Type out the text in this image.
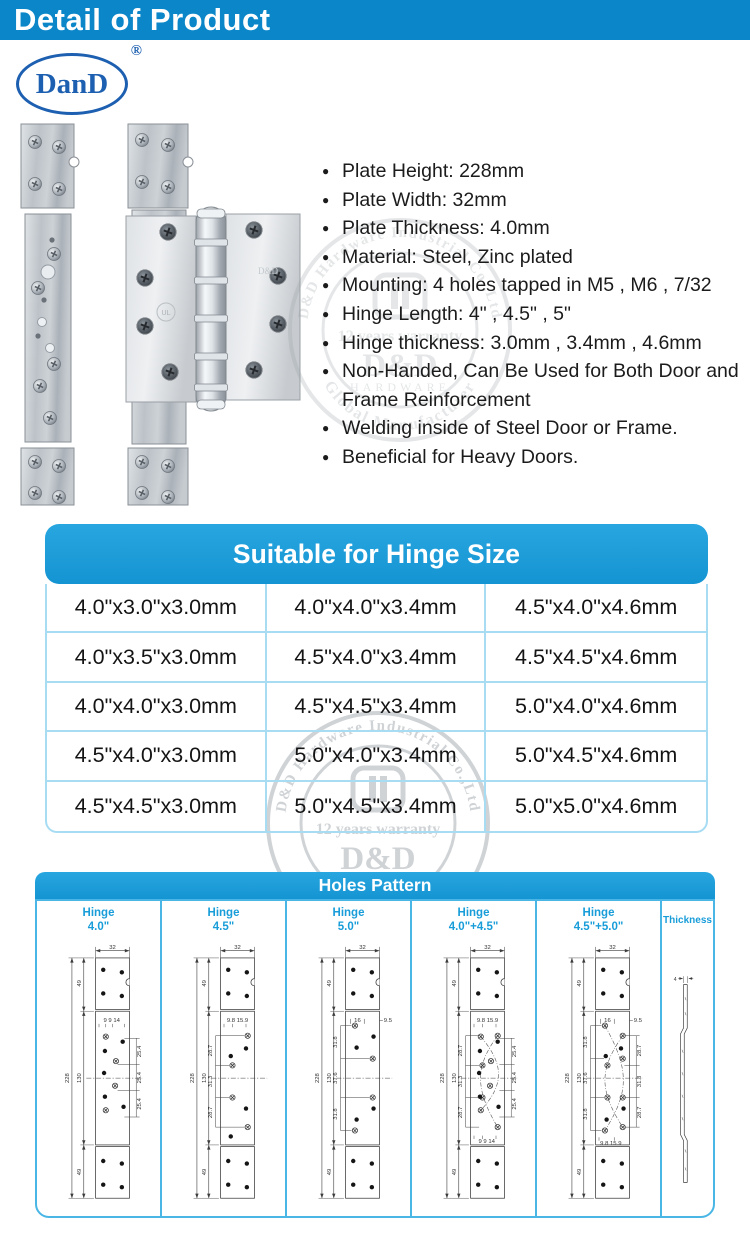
Detail of Product
DanD
®
UL
D&D
● Plate Height: 228mm
● Plate Width: 32mm
● Plate Thickness: 4.0mm
● Material: Steel, Zinc plated
● Mounting: 4 holes tapped in M5 , M6 , 7/32
● Hinge Length: 4" , 4.5" , 5"
● Hinge thickness: 3.0mm , 3.4mm , 4.6mm
● Non-Handed, Can Be Used for Both Door and Frame Reinforcement
● Welding inside of Steel Door or Frame.
● Beneficial for Heavy Doors.
Suitable for Hinge Size
4.0"x3.0"x3.0mm	4.0"x4.0"x3.4mm	4.5"x4.0"x4.6mm
4.0"x3.5"x3.0mm	4.5"x4.0"x3.4mm	4.5"x4.5"x4.6mm
4.0"x4.0"x3.0mm	4.5"x4.5"x3.4mm	5.0"x4.0"x4.6mm
4.5"x4.0"x3.0mm	5.0"x4.0"x3.4mm	5.0"x4.5"x4.6mm
4.5"x4.5"x3.0mm	5.0"x4.5"x3.4mm	5.0"x5.0"x4.6mm
Holes Pattern
Hinge
4.0"
9 9 14
25.4
25.4
25.4
Hinge
4.5"
9.8 15.9
28.7
31.3
28.7
Hinge
5.0"
16	9.5
31.8
37.6
31.8
Hinge
4.0"+4.5"
9.8 15.9
9 9 14
28.7
31.3
28.7
25.4
25.4
25.4
Hinge
4.5"+5.0"
16	9.5
9.8 15.9
31.8
37.6
31.8
28.7
31.3
28.7
Thickness
4
